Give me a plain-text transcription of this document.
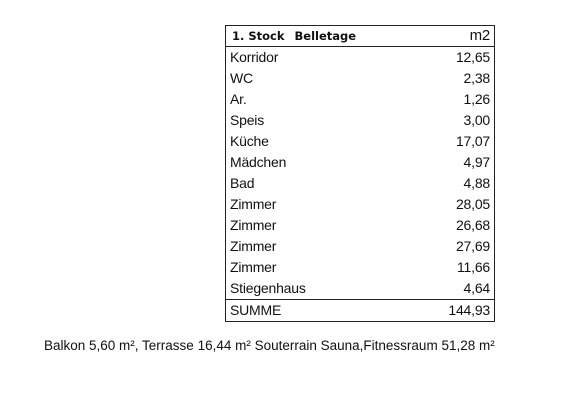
1. Stock Belletage	m2
Korridor	12,65
WC	2,38
Ar.	1,26
Speis	3,00
Küche	17,07
Mädchen	4,97
Bad	4,88
Zimmer	28,05
Zimmer	26,68
Zimmer	27,69
Zimmer	11,66
Stiegenhaus	4,64
SUMME	144,93
Balkon 5,60 m², Terrasse 16,44 m² Souterrain Sauna,Fitnessraum 51,28 m²
